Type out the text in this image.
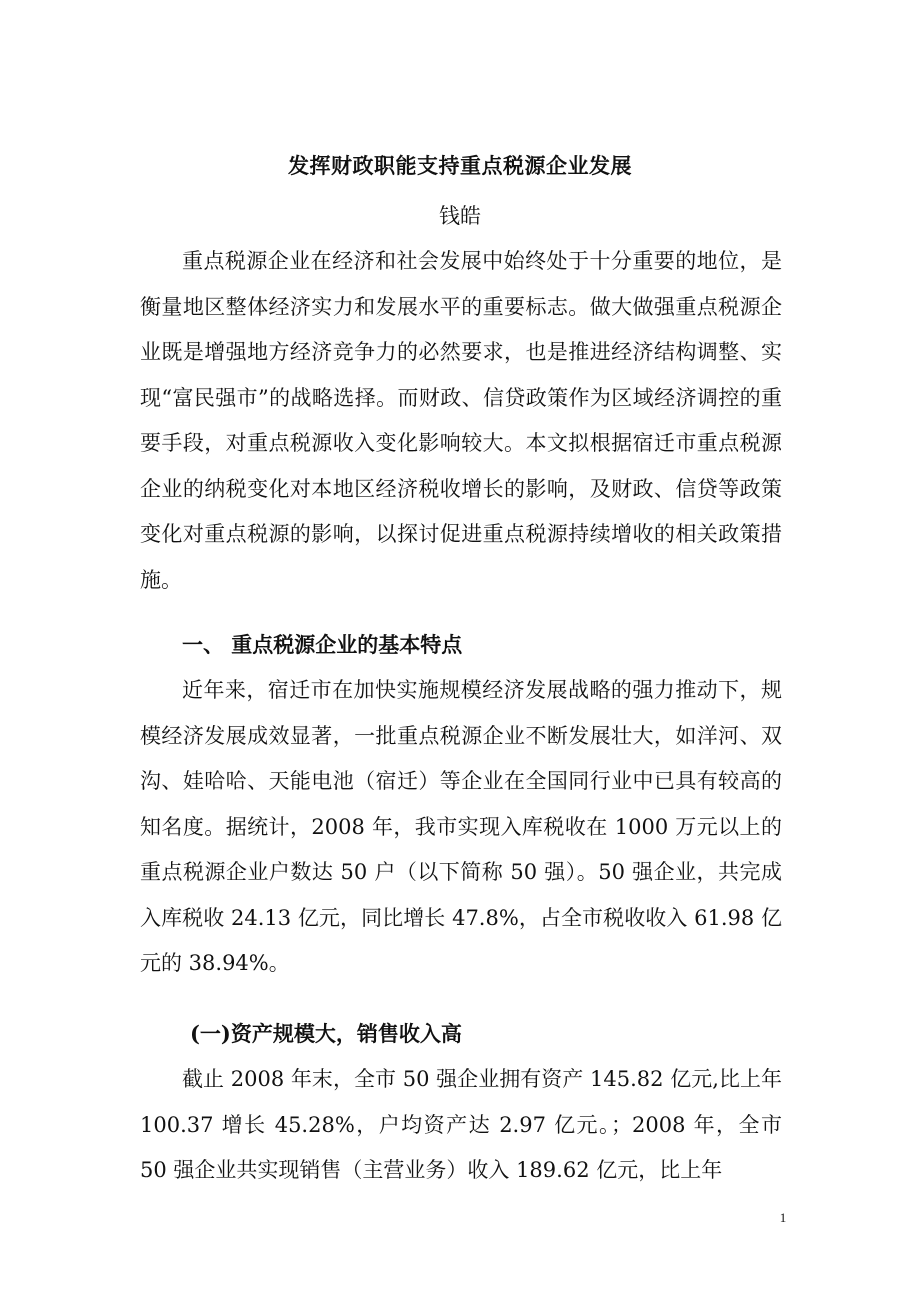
发挥财政职能支持重点税源企业发展
钱皓

重点税源企业在经济和社会发展中始终处于十分重要的地位，是衡量地区整体经济实力和发展水平的重要标志。做大做强重点税源企业既是增强地方经济竞争力的必然要求，也是推进经济结构调整、实现“富民强市”的战略选择。而财政、信贷政策作为区域经济调控的重要手段，对重点税源收入变化影响较大。本文拟根据宿迁市重点税源企业的纳税变化对本地区经济税收增长的影响，及财政、信贷等政策变化对重点税源的影响，以探讨促进重点税源持续增收的相关政策措施。

一、 重点税源企业的基本特点

近年来，宿迁市在加快实施规模经济发展战略的强力推动下，规模经济发展成效显著，一批重点税源企业不断发展壮大，如洋河、双沟、娃哈哈、天能电池（宿迁）等企业在全国同行业中已具有较高的知名度。据统计，2008 年，我市实现入库税收在 1000 万元以上的重点税源企业户数达 50 户（以下简称 50 强）。50 强企业，共完成入库税收 24.13 亿元，同比增长 47.8%，占全市税收收入 61.98 亿元的 38.94%。

(一)资产规模大，销售收入高

截止 2008 年末，全市 50 强企业拥有资产 145.82 亿元,比上年 100.37 增长 45.28%，户均资产达 2.97 亿元。；2008 年，全市 50 强企业共实现销售（主营业务）收入 189.62 亿元，比上年

1
